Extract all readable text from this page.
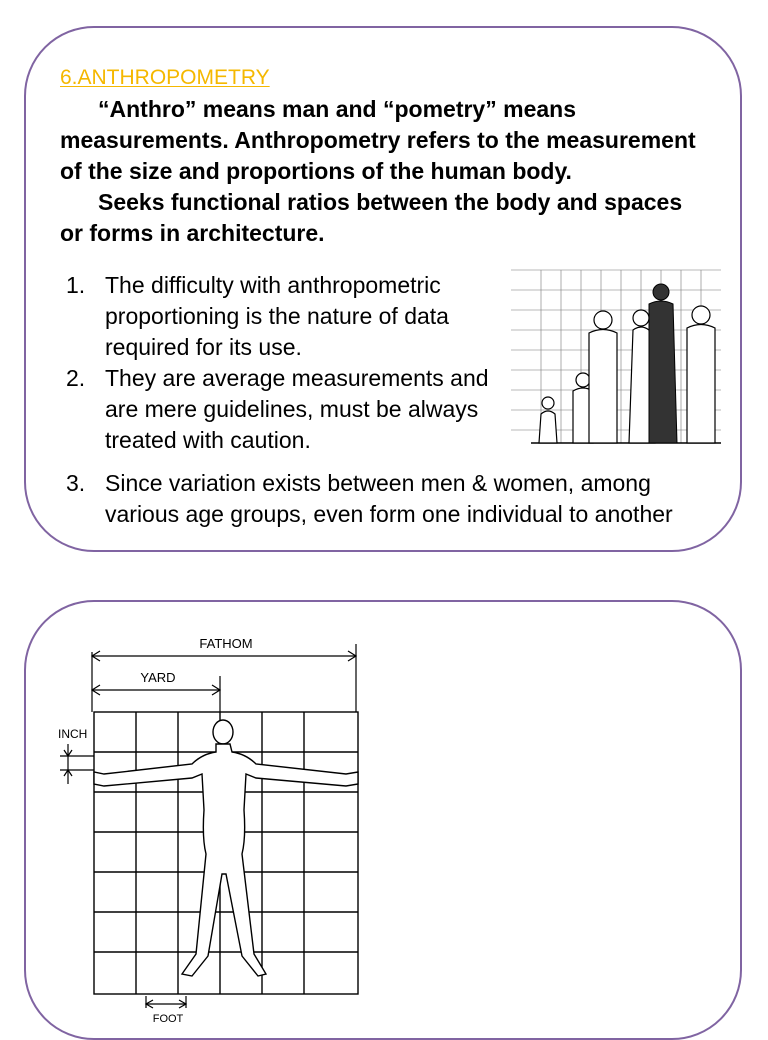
6.ANTHROPOMETRY

“Anthro” means man and “pometry” means measurements. Anthropometry refers to the measurement of the size and proportions of the human body.

Seeks functional ratios between the body and spaces or forms in architecture.

1. The difficulty with anthropometric proportioning is the nature of data required for its use.
2. They are average measurements and are mere guidelines, must be always treated with caution.
3. Since variation exists between men & women, among various age groups, even form one individual to another
FATHOM
YARD
INCH
FOOT
